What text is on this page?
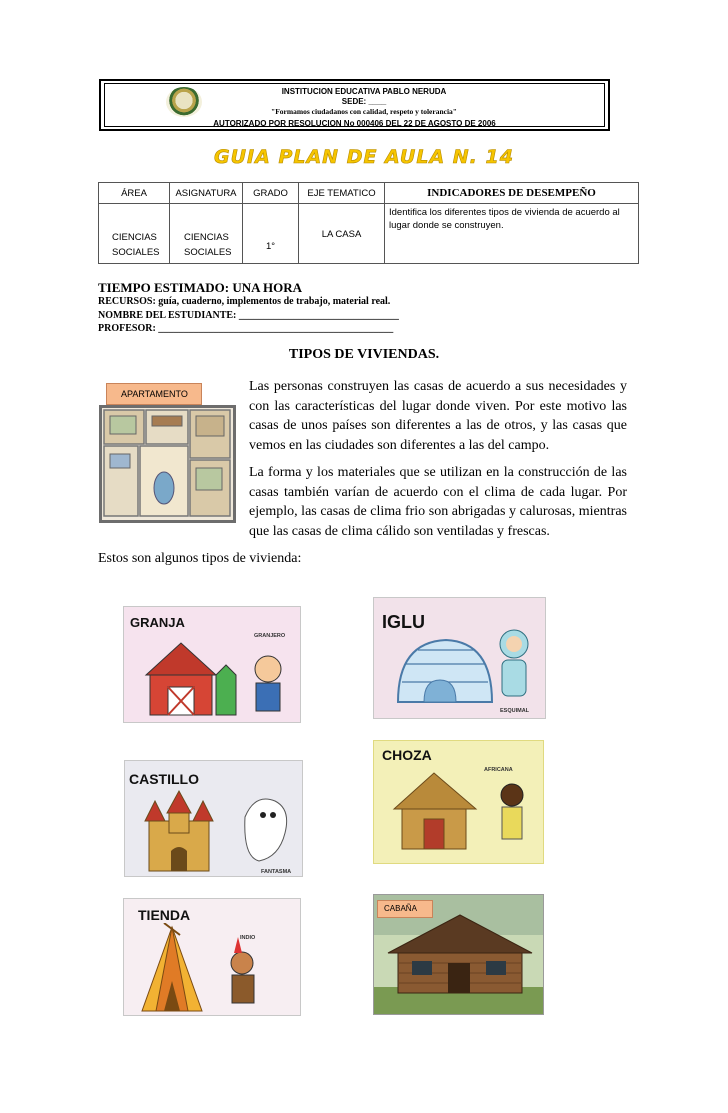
INSTITUCION EDUCATIVA PABLO NERUDA
SEDE: ____
"Formamos ciudadanos con calidad, respeto y tolerancia"
AUTORIZADO POR RESOLUCION No 000406 DEL 22 DE AGOSTO DE 2006
GUIA PLAN DE AULA N. 14
ÁREA	ASIGNATURA	GRADO	EJE TEMATICO	INDICADORES DE DESEMPEÑO

CIENCIAS SOCIALES	CIENCIAS SOCIALES	1°	LA CASA	Identifica los diferentes tipos de vivienda de acuerdo al lugar donde se construyen.
TIEMPO ESTIMADO: UNA HORA
RECURSOS: guía, cuaderno, implementos de trabajo, material real.
NOMBRE DEL ESTUDIANTE: ________________________________
PROFESOR: _______________________________________________
TIPOS DE VIVIENDAS.
APARTAMENTO	Las personas construyen las casas de acuerdo a sus necesidades y con las características del lugar donde viven. Por este motivo las casas de unos países son diferentes a las de otros, y las casas que vemos en las ciudades son diferentes a las del campo.
La forma y los materiales que se utilizan en la construcción de las casas también varían de acuerdo con el clima de cada lugar. Por ejemplo, las casas de clima frio son abrigadas y calurosas, mientras que las casas de clima cálido son ventiladas y frescas.
Estos son algunos tipos de vivienda:
GRANJA
GRANJERO
IGLU
ESQUIMAL
CHOZA
AFRICANA
CASTILLO
FANTASMA
TIENDA
INDIO
CABAÑA
